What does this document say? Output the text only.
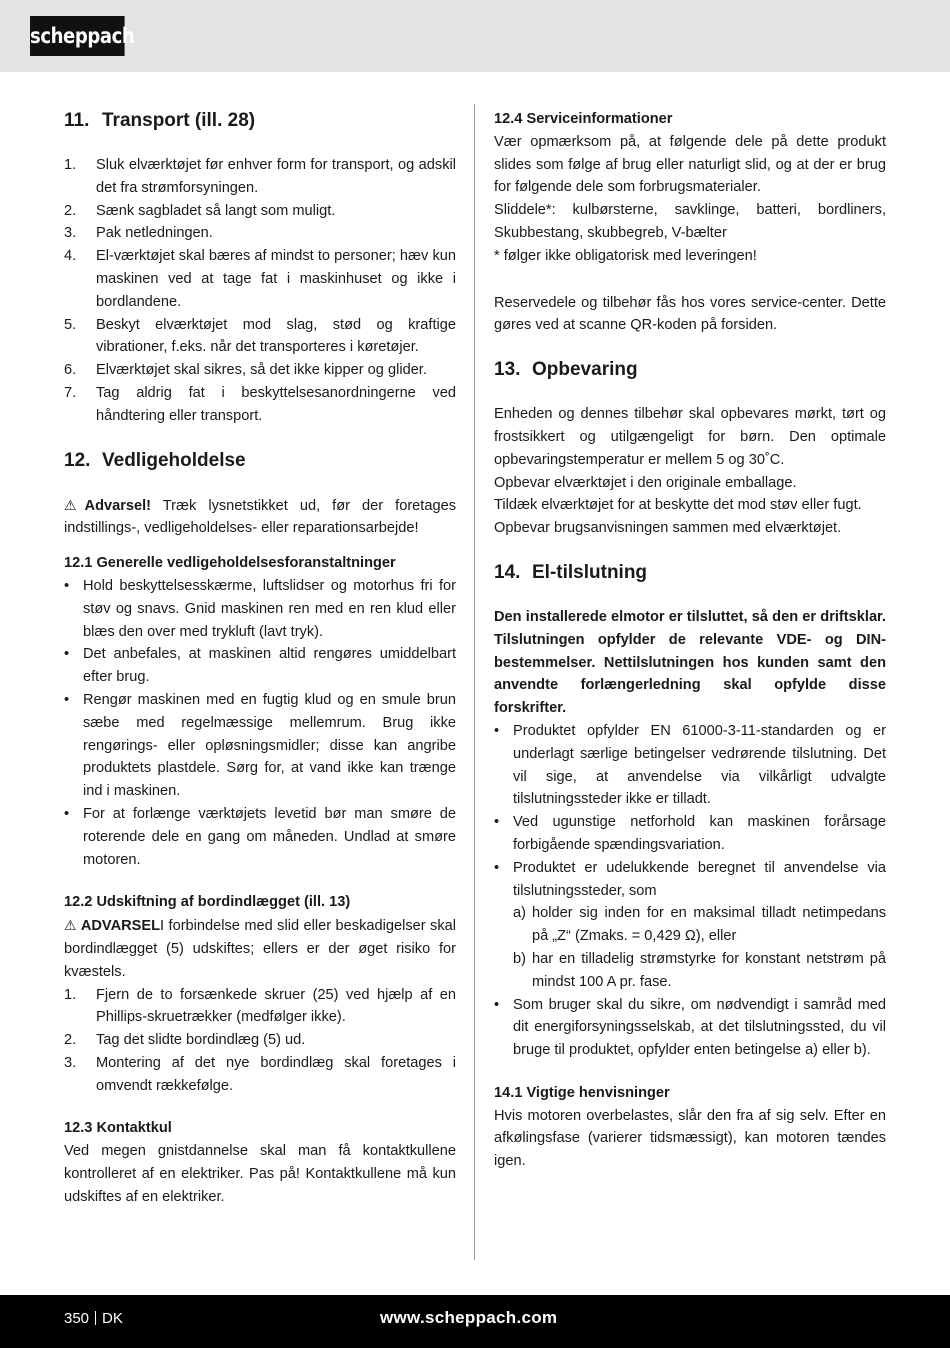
scheppach
11. Transport (ill. 28)
1. Sluk elværktøjet før enhver form for transport, og adskil det fra strømforsyningen.
2. Sænk sagbladet så langt som muligt.
3. Pak netledningen.
4. El-værktøjet skal bæres af mindst to personer; hæv kun maskinen ved at tage fat i maskinhuset og ikke i bordlandene.
5. Beskyt elværktøjet mod slag, stød og kraftige vibrationer, f.eks. når det transporteres i køretøjer.
6. Elværktøjet skal sikres, så det ikke kipper og glider.
7. Tag aldrig fat i beskyttelsesanordningerne ved håndtering eller transport.
12. Vedligeholdelse

⚠Advarsel! Træk lysnetstikket ud, før der foretages indstillings-, vedligeholdelses- eller reparationsarbejde!

12.1 Generelle vedligeholdelsesforanstaltninger
• Hold beskyttelsesskærme, luftslidser og motorhus fri for støv og snavs. Gnid maskinen ren med en ren klud eller blæs den over med trykluft (lavt tryk).
• Det anbefales, at maskinen altid rengøres umiddelbart efter brug.
• Rengør maskinen med en fugtig klud og en smule brun sæbe med regelmæssige mellemrum. Brug ikke rengørings- eller opløsningsmidler; disse kan angribe produktets plastdele. Sørg for, at vand ikke kan trænge ind i maskinen.
• For at forlænge værktøjets levetid bør man smøre de roterende dele en gang om måneden. Undlad at smøre motoren.
12.2 Udskiftning af bordindlægget (ill. 13)

⚠ ADVARSELI forbindelse med slid eller beskadigelser skal bordindlægget (5) udskiftes; ellers er der øget risiko for kvæstels.

1. Fjern de to forsænkede skruer (25) ved hjælp af en Phillips-skruetrækker (medfølger ikke).
2. Tag det slidte bordindlæg (5) ud.
3. Montering af det nye bordindlæg skal foretages i omvendt rækkefølge.
12.3 Kontaktkul

Ved megen gnistdannelse skal man få kontaktkullene kontrolleret af en elektriker. Pas på! Kontaktkullene må kun udskiftes af en elektriker.

12.4 Serviceinformationer

Vær opmærksom på, at følgende dele på dette produkt slides som følge af brug eller naturligt slid, og at der er brug for følgende dele som forbrugsmaterialer.

Sliddele*: kulbørsterne, savklinge, batteri, bordliners, Skubbestang, skubbegreb, V-bælter

* følger ikke obligatorisk med leveringen!

Reservedele og tilbehør fås hos vores service-center. Dette gøres ved at scanne QR-koden på forsiden.

13. Opbevaring

Enheden og dennes tilbehør skal opbevares mørkt, tørt og frostsikkert og utilgængeligt for børn. Den optimale opbevaringstemperatur er mellem 5 og 30˚C.

Opbevar elværktøjet i den originale emballage.

Tildæk elværktøjet for at beskytte det mod støv eller fugt.

Opbevar brugsanvisningen sammen med elværktøjet.

14. El-tilslutning

Den installerede elmotor er tilsluttet, så den er driftsklar. Tilslutningen opfylder de relevante VDE- og DIN-bestemmelser. Nettilslutningen hos kunden samt den anvendte forlængerledning skal opfylde disse forskrifter.

• Produktet opfylder EN 61000-3-11-standarden og er underlagt særlige betingelser vedrørende tilslutning. Det vil sige, at anvendelse via vilkårligt udvalgte tilslutningssteder ikke er tilladt.
• Ved ugunstige netforhold kan maskinen forårsage forbigående spændingsvariation.
• Produktet er udelukkende beregnet til anvendelse via tilslutningssteder, som
a) holder sig inden for en maksimal tilladt netimpedans på „Z“ (Zmaks. = 0,429 Ω), eller
b) har en tilladelig strømstyrke for konstant netstrøm på mindst 100 A pr. fase.
• Som bruger skal du sikre, om nødvendigt i samråd med dit energiforsyningsselskab, at det tilslutningssted, du vil bruge til produktet, opfylder enten betingelse a) eller b).
14.1 Vigtige henvisninger

Hvis motoren overbelastes, slår den fra af sig selv. Efter en afkølingsfase (varierer tidsmæssigt), kan motoren tændes igen.

350 DK	www.scheppach.com
